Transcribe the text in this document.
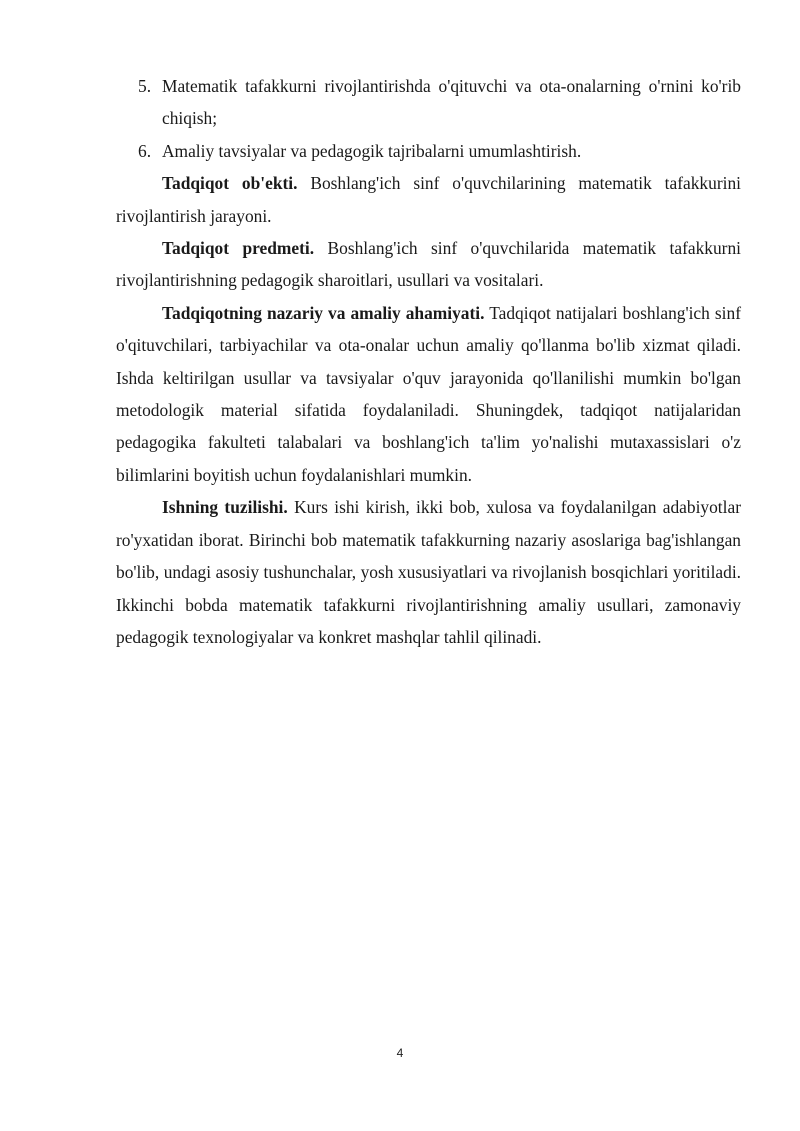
5. Matematik tafakkurni rivojlantirishda o'qituvchi va ota-onalarning o'rnini ko'rib chiqish;
6. Amaliy tavsiyalar va pedagogik tajribalarni umumlashtirish.

Tadqiqot ob'ekti. Boshlang'ich sinf o'quvchilarining matematik tafakkurini rivojlantirish jarayoni.

Tadqiqot predmeti. Boshlang'ich sinf o'quvchilarida matematik tafakkurni rivojlantirishning pedagogik sharoitlari, usullari va vositalari.

Tadqiqotning nazariy va amaliy ahamiyati. Tadqiqot natijalari boshlang'ich sinf o'qituvchilari, tarbiyachilar va ota-onalar uchun amaliy qo'llanma bo'lib xizmat qiladi. Ishda keltirilgan usullar va tavsiyalar o'quv jarayonida qo'llanilishi mumkin bo'lgan metodologik material sifatida foydalaniladi. Shuningdek, tadqiqot natijalaridan pedagogika fakulteti talabalari va boshlang'ich ta'lim yo'nalishi mutaxassislari o'z bilimlarini boyitish uchun foydalanishlari mumkin.

Ishning tuzilishi. Kurs ishi kirish, ikki bob, xulosa va foydalanilgan adabiyotlar ro'yxatidan iborat. Birinchi bob matematik tafakkurning nazariy asoslariga bag'ishlangan bo'lib, undagi asosiy tushunchalar, yosh xususiyatlari va rivojlanish bosqichlari yoritiladi. Ikkinchi bobda matematik tafakkurni rivojlantirishning amaliy usullari, zamonaviy pedagogik texnologiyalar va konkret mashqlar tahlil qilinadi.

4
